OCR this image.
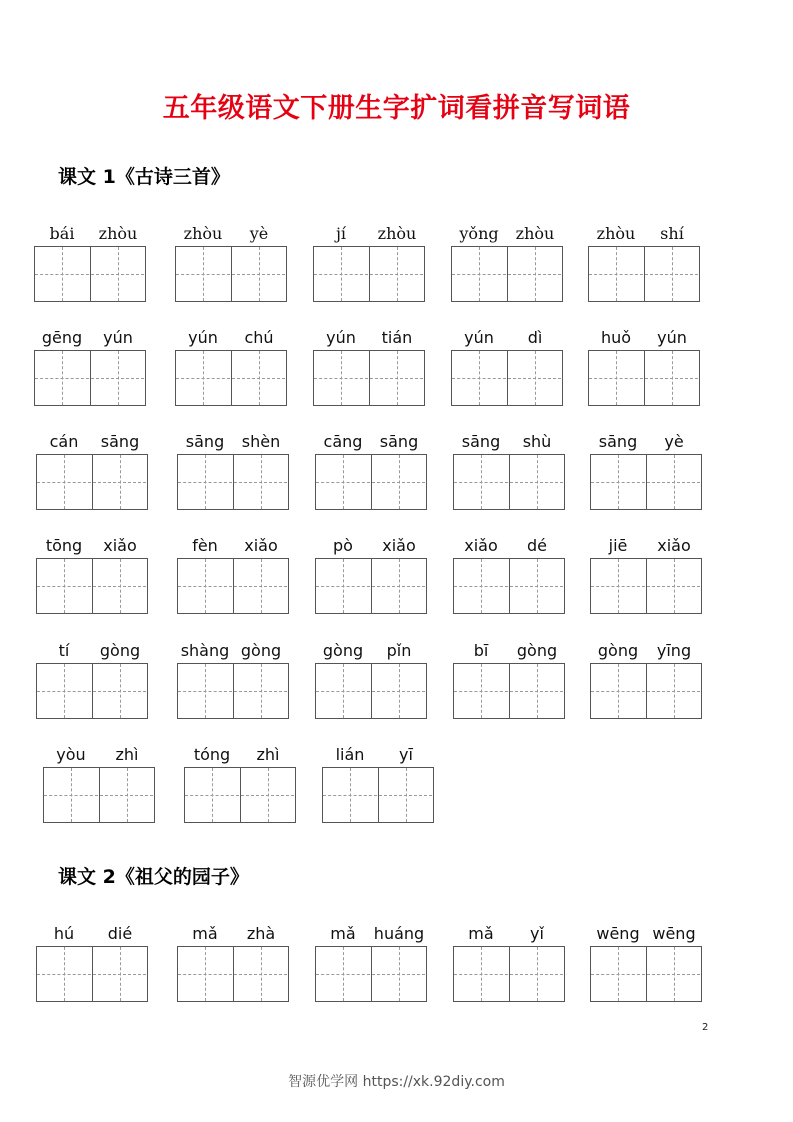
五年级语文下册生字扩词看拼音写词语
课文 1《古诗三首》
bái	zhòu	zhòu	yè	jí	zhòu	yǒng	zhòu	zhòu	shí
gēng	yún	yún	chú	yún	tián	yún	dì	huǒ	yún
cán	sāng	sāng	shèn	cāng	sāng	sāng	shù	sāng	yè
tōng	xiǎo	fèn	xiǎo	pò	xiǎo	xiǎo	dé	jiē	xiǎo
tí	gòng	shàng gòng	gòng	pǐn	bī	gòng	gòng	yīng
yòu	zhì	tóng	zhì	lián	yī
课文 2《祖父的园子》
hú	dié	mǎ	zhà	mǎ	huáng	mǎ	yǐ	wēng wēng
2
智源优学网 https://xk.92diy.com
